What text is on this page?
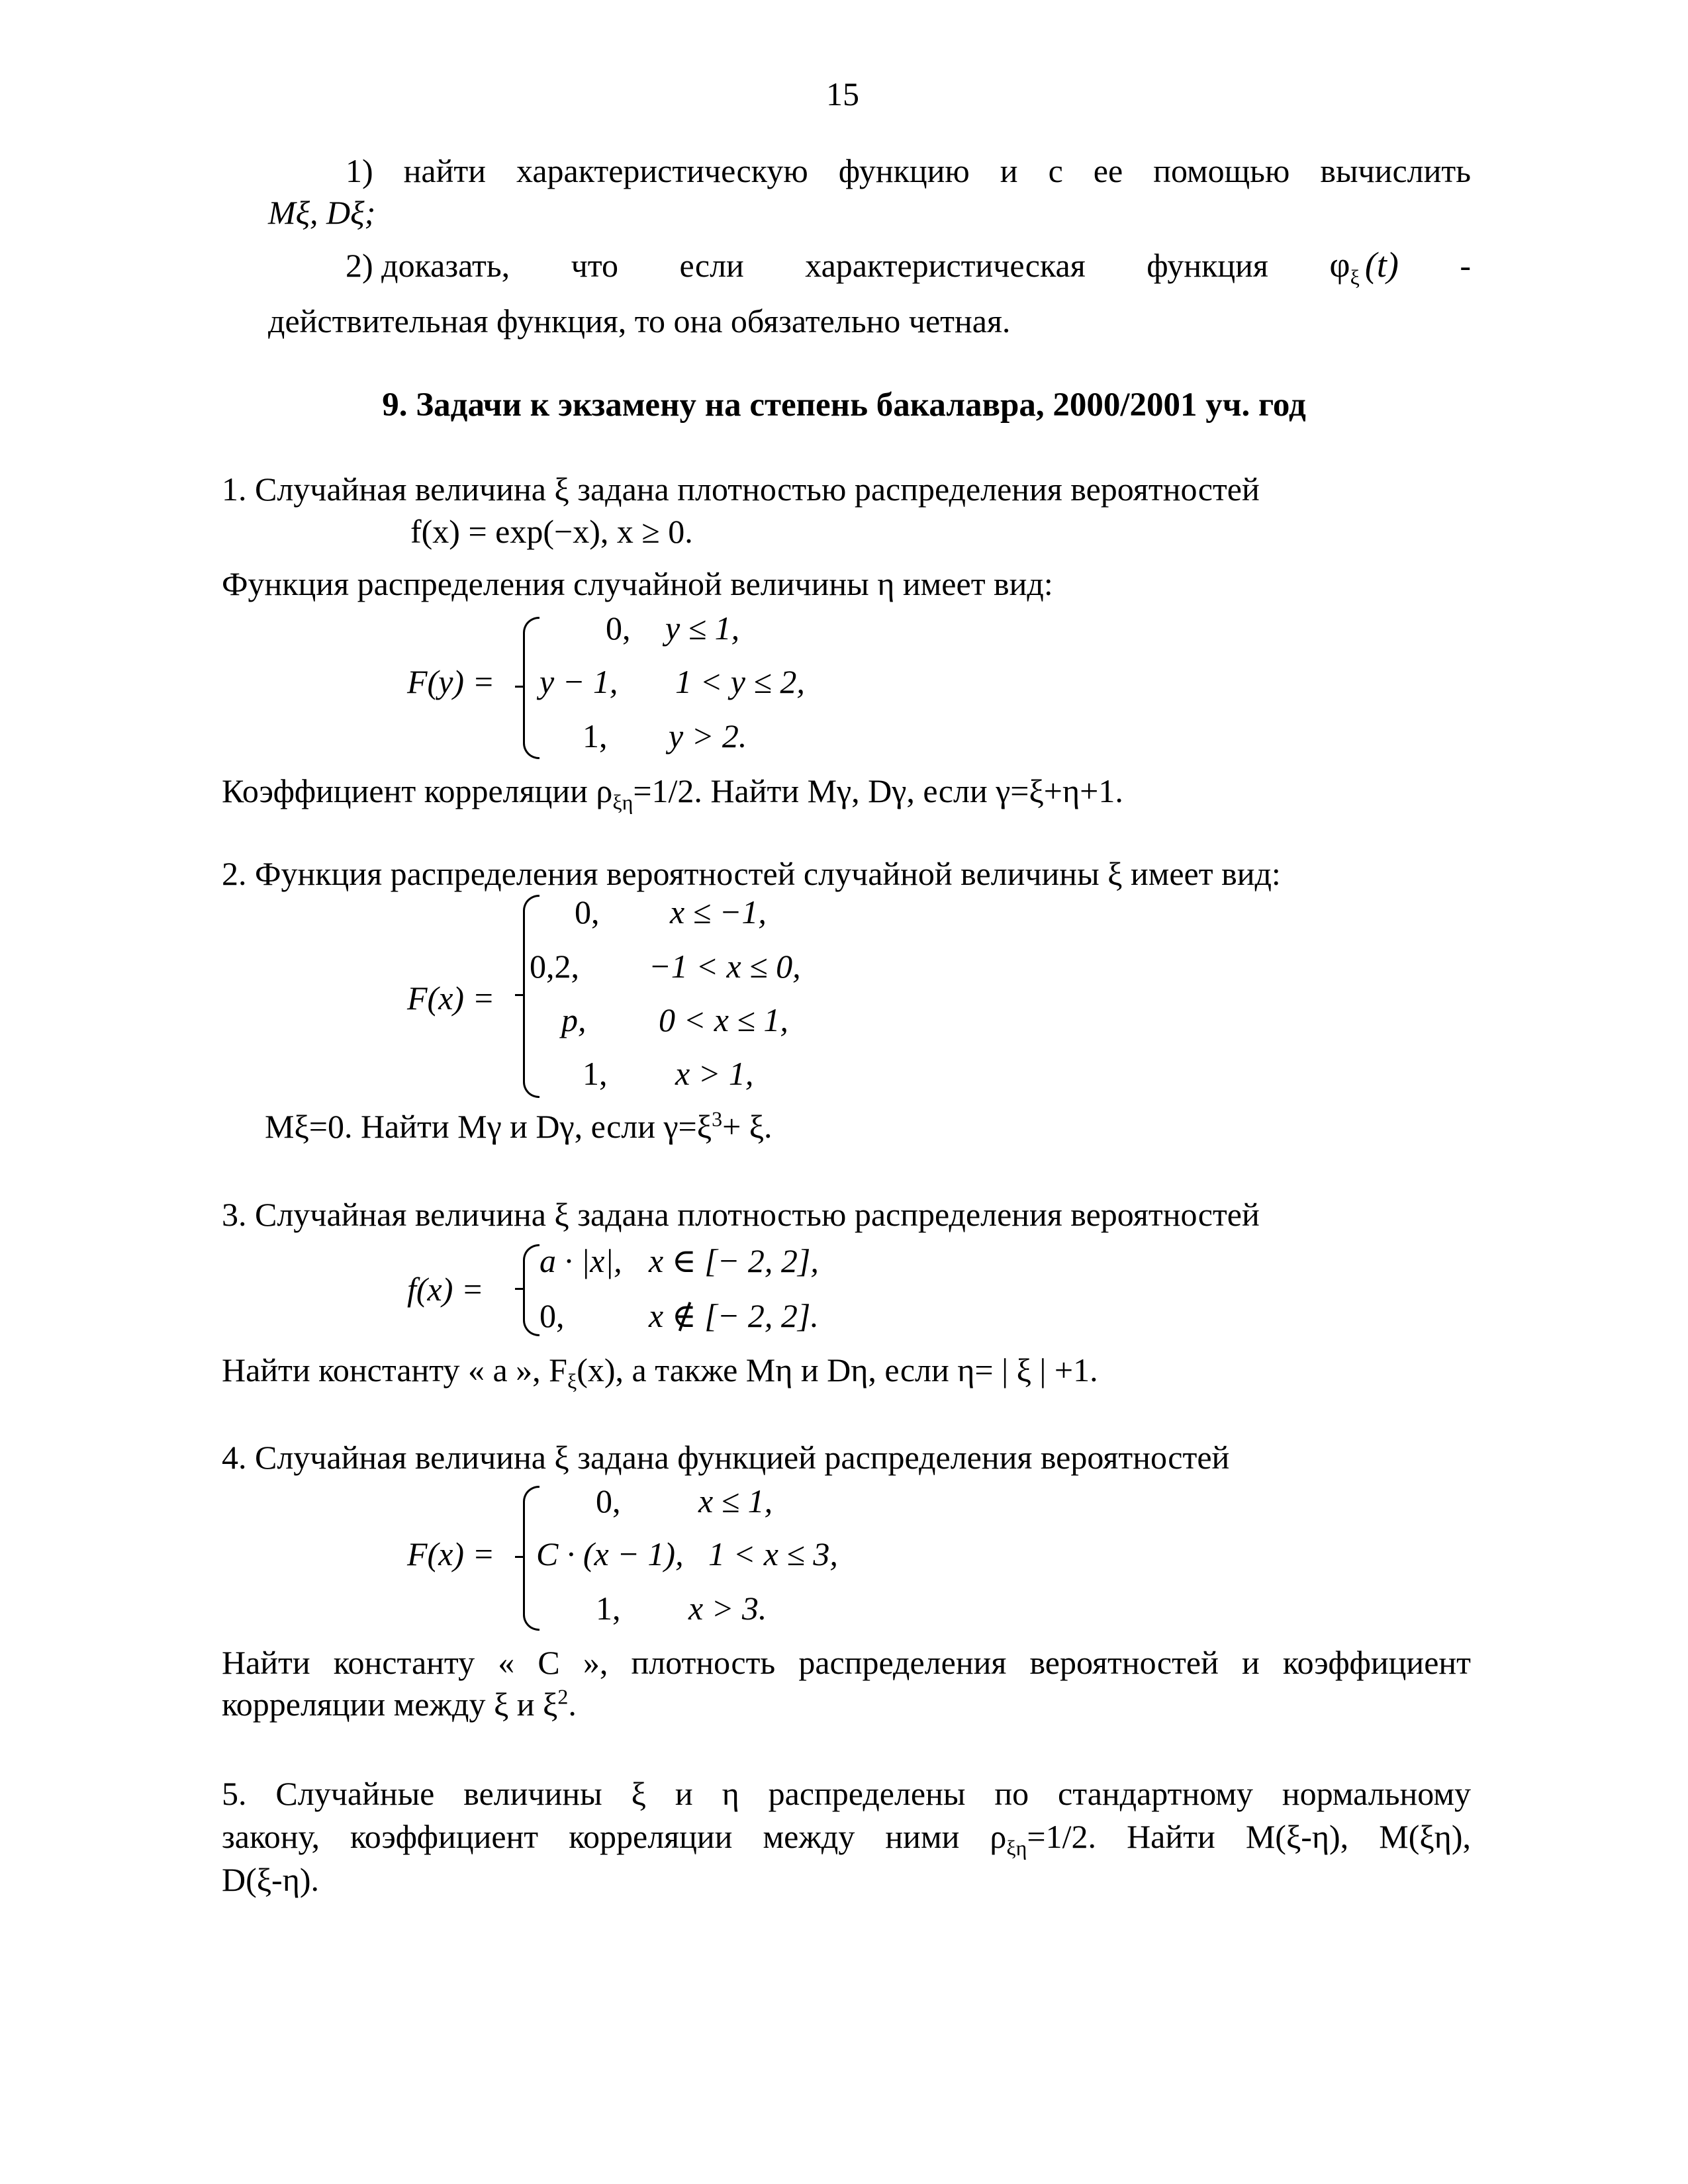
15
1) найти характеристическую функцию и с ее помощью вычислить
Mξ, Dξ;
2) доказать, что если характеристическая функция $\varphi_\xi$ (t) -
действительная функция, то она обязательно четная.
9. Задачи к экзамену на степень бакалавра, 2000/2001 уч. год
1. Случайная величина ξ задана плотностью распределения вероятностей
f(x) = exp(−x), x ≥ 0.
Функция распределения случайной величины η имеет вид:
F(y) =
0, y ≤ 1,
y − 1, 1 < y ≤ 2,
1, y > 2.
Коэффициент корреляции $\rho_{\xi\eta}=1/2$. Найти Mγ, Dγ, если γ=ξ+η+1.
2. Функция распределения вероятностей случайной величины ξ имеет вид:
F(x) =
0, x ≤ −1,
0,2, −1 < x ≤ 0,
p, 0 < x ≤ 1,
1, x > 1,
Mξ=0. Найти Mγ и Dγ, если $\gamma=\xi^3+ \xi$.
3. Случайная величина ξ задана плотностью распределения вероятностей
f(x) =
a · |x|, x ∈ [− 2, 2],
0,	x ∉ [− 2, 2].
Найти константу « a », $F_\xi(x)$, а также Mη и Dη, если η= | ξ | +1.
4. Случайная величина ξ задана функцией распределения вероятностей
F(x) =
0, x ≤ 1,
C · (x − 1), 1 < x ≤ 3,
1, x > 3.
Найти константу « C », плотность распределения вероятностей и коэффициент
корреляции между ξ и $\xi^2$.
5. Случайные величины ξ и η распределены по стандартному нормальному
закону, коэффициент корреляции между ними $\rho_{\xi\eta}=1/2$. Найти M(ξ-η), M(ξη),
D(ξ-η).
